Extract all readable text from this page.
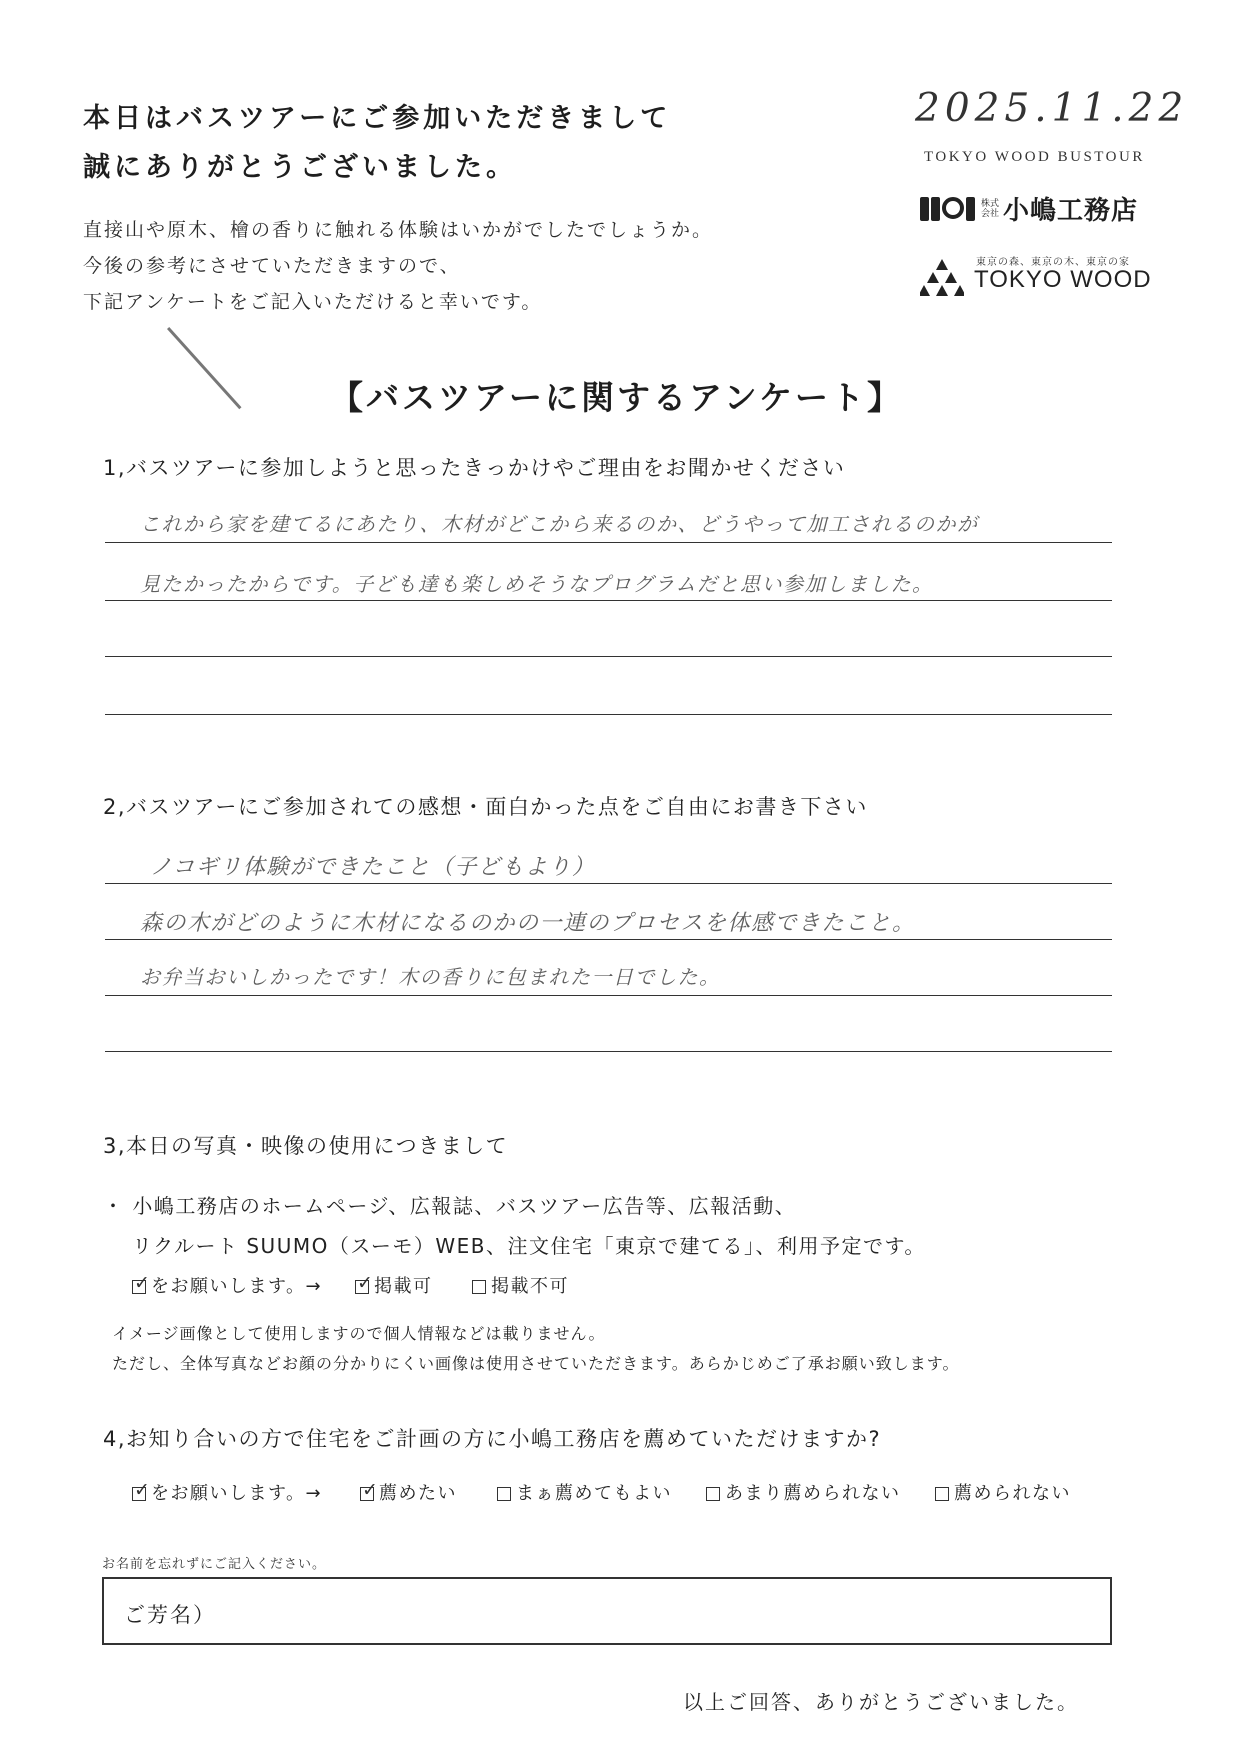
本日はバスツアーにご参加いただきまして
誠にありがとうございました。
直接山や原木、檜の香りに触れる体験はいかがでしたでしょうか。
今後の参考にさせていただきますので、
下記アンケートをご記入いただけると幸いです。
2025.11.22
TOKYO WOOD BUSTOUR
株式会社 小嶋工務店
東京の森、東京の木、東京の家
TOKYO WOOD
【バスツアーに関するアンケート】
1,バスツアーに参加しようと思ったきっかけやご理由をお聞かせください
これから家を建てるにあたり、木材がどこから来るのか、どうやって加工されるのかが
見たかったからです。子ども達も楽しめそうなプログラムだと思い参加しました。
2,バスツアーにご参加されての感想・面白かった点をご自由にお書き下さい
ノコギリ体験ができたこと（子どもより）
森の木がどのように木材になるのかの一連のプロセスを体感できたこと。
お弁当おいしかったです！木の香りに包まれた一日でした。
3,本日の写真・映像の使用につきまして
・ 小嶋工務店のホームページ、広報誌、バスツアー広告等、広報活動、
リクルート SUUMO（スーモ）WEB、注文住宅「東京で建てる」、利用予定です。
✓をお願いします。→ ✓	掲載可	掲載不可
イメージ画像として使用しますので個人情報などは載りません。
ただし、全体写真などお顔の分かりにくい画像は使用させていただきます。あらかじめご了承お願い致します。
4,お知り合いの方で住宅をご計画の方に小嶋工務店を薦めていただけますか?
✓をお願いします。→ ✓	薦めたい	まぁ薦めてもよい	あまり薦められない	薦められない
お名前を忘れずにご記入ください。
ご芳名）
以上ご回答、ありがとうございました。
